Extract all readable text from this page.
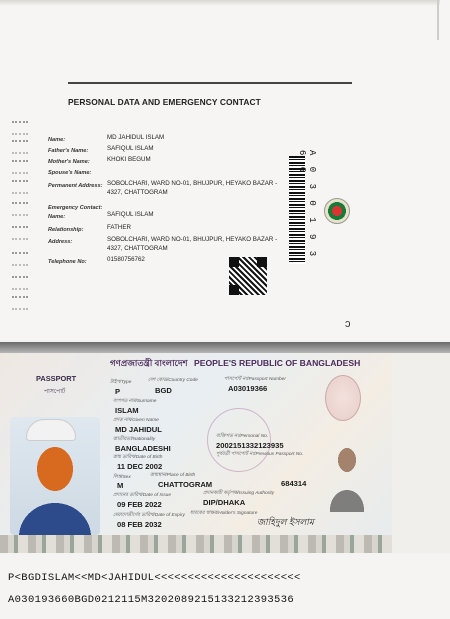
PERSONAL DATA AND EMERGENCY CONTACT
Name:	MD JAHIDUL ISLAM
Father's Name:	SAFIQUL ISLAM
Mother's Name:	KHOKI BEGUM
Spouse's Name:
Permanent Address: SOBOLCHARI, WARD NO-01, BHUJPUR, HEYAKO BAZAR -
4327, CHATTOGRAM
Emergency Contact:
Name:	SAFIQUL ISLAM
Relationship:	FATHER
Address:	SOBOLCHARI, WARD NO-01, BHUJPUR, HEYAKO BAZAR -
4327, CHATTOGRAM
Telephone No:	01580756762
A 0 3 0 1 9 3 6 6
ↄ
গণপ্রজাতন্ত্রী বাংলাদেশ PEOPLE'S REPUBLIC OF BANGLADESH
PASSPORT
পাসপোর্ট
টাইপ/Type	দেশ কোড/Country Code	পাসপোর্ট নং/Passport Number
P	BGD	A03019366
বংশগত নাম/Surname
ISLAM
প্রদত্ত নাম/Given Name
MD JAHIDUL
জাতীয়তা/Nationality
BANGLADESHI
ব্যক্তিগত নং/Personal No.
2002151332123935
পূর্ববর্তী পাসপোর্ট নং/Previous Passport No.
জন্ম তারিখ/Date of Birth
11 DEC 2002
লিঙ্গ/Sex	জন্মস্থান/Place of Birth
M	CHATTOGRAM	684314
প্রদানের তারিখ/Date of Issue	প্রদানকারী কর্তৃপক্ষ/Issuing Authority
09 FEB 2022	DIP/DHAKA
মেয়াদোত্তীর্ণের তারিখ/Date of Expiry ধারকের স্বাক্ষর/Holder's Signature
08 FEB 2032	জাহিদুল ইসলাম
P<BGDISLAM<<MD<JAHIDUL<<<<<<<<<<<<<<<<<<<<<<
A030193660BGD0212115M3202089215133212393536
